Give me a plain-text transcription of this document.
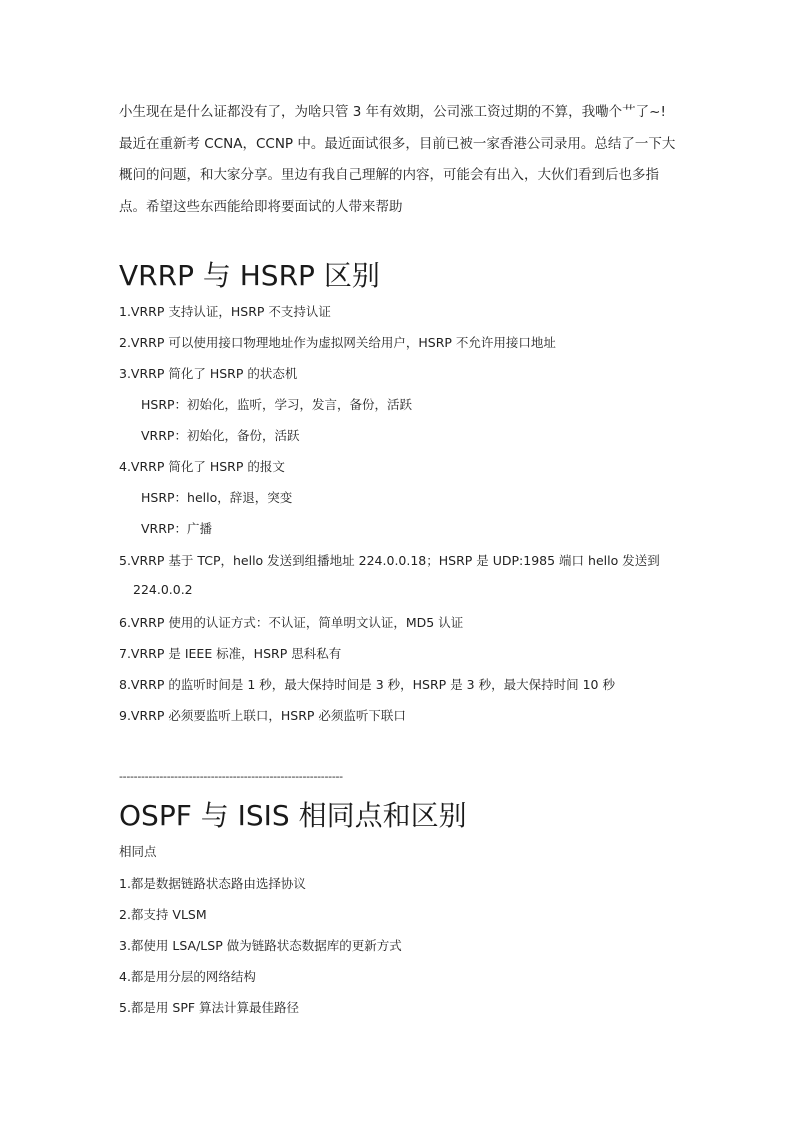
小生现在是什么证都没有了，为啥只管 3 年有效期，公司涨工资过期的不算，我嘞个艹了~!

最近在重新考 CCNA，CCNP 中。最近面试很多，目前已被一家香港公司录用。总结了一下大

概问的问题，和大家分享。里边有我自己理解的内容，可能会有出入，大伙们看到后也多指

点。希望这些东西能给即将要面试的人带来帮助

VRRP 与 HSRP 区别

1.VRRP 支持认证，HSRP 不支持认证

2.VRRP 可以使用接口物理地址作为虚拟网关给用户，HSRP 不允许用接口地址

3.VRRP 简化了 HSRP 的状态机

HSRP：初始化，监听，学习，发言，备份，活跃

VRRP：初始化，备份，活跃

4.VRRP 简化了 HSRP 的报文

HSRP：hello，辞退，突变

VRRP：广播

5.VRRP 基于 TCP，hello 发送到组播地址 224.0.0.18；HSRP 是 UDP:1985 端口 hello 发送到

224.0.0.2

6.VRRP 使用的认证方式：不认证，简单明文认证，MD5 认证

7.VRRP 是 IEEE 标准，HSRP 思科私有

8.VRRP 的监听时间是 1 秒，最大保持时间是 3 秒，HSRP 是 3 秒，最大保持时间 10 秒

9.VRRP 必须要监听上联口，HSRP 必须监听下联口

-------------------------------------------------------------
OSPF 与 ISIS 相同点和区别

相同点

1.都是数据链路状态路由选择协议

2.都支持 VLSM

3.都使用 LSA/LSP 做为链路状态数据库的更新方式

4.都是用分层的网络结构

5.都是用 SPF 算法计算最佳路径
